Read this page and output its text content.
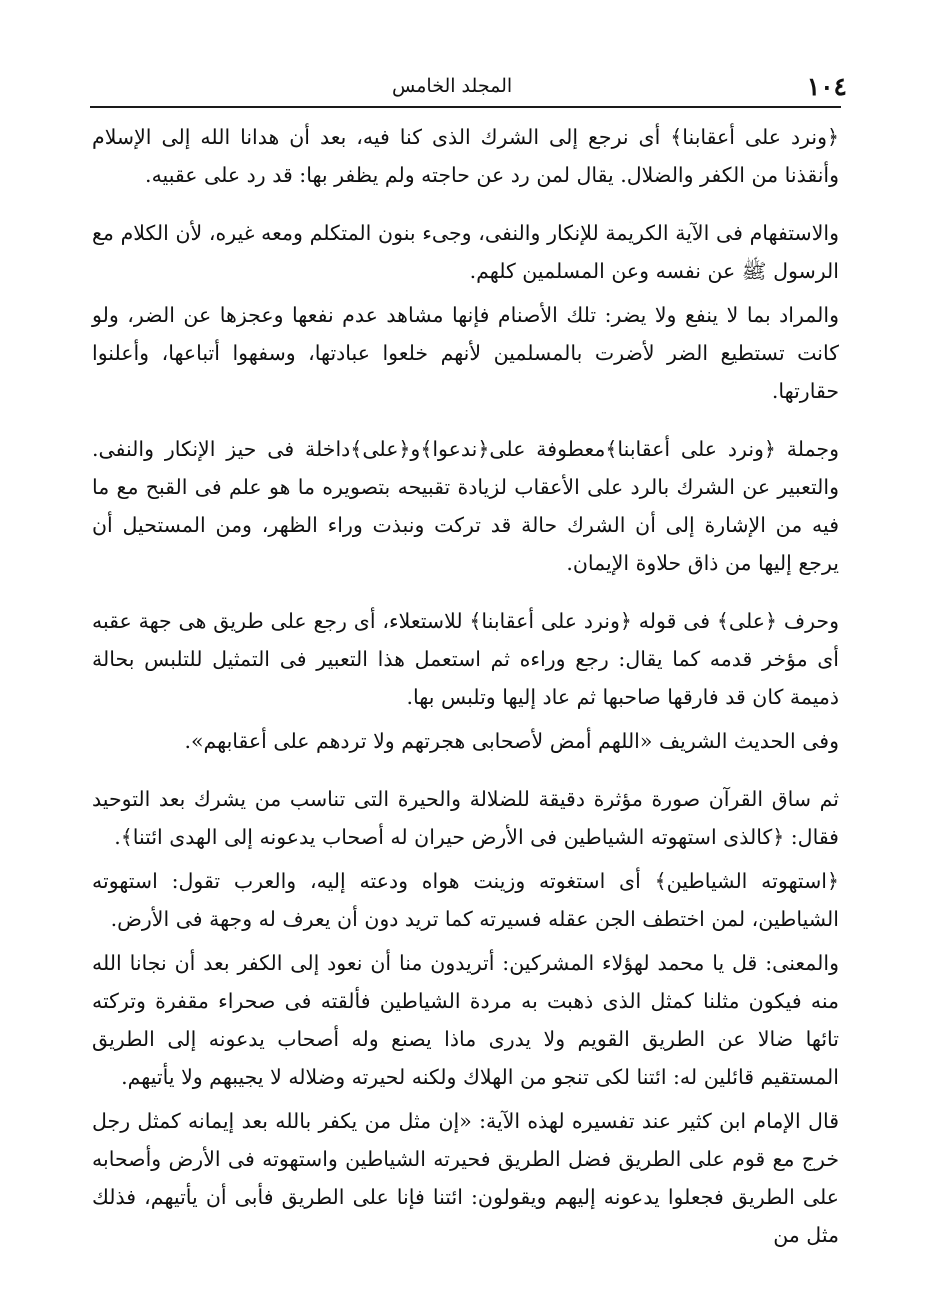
١٠٤
المجلد الخامس

﴿ونرد على أعقابنا﴾ أى نرجع إلى الشرك الذى كنا فيه، بعد أن هدانا الله إلى الإسلام وأنقذنا من الكفر والضلال. يقال لمن رد عن حاجته ولم يظفر بها: قد رد على عقبيه.

والاستفهام فى الآية الكريمة للإنكار والنفى، وجىء بنون المتكلم ومعه غيره، لأن الكلام مع الرسول ﷺ عن نفسه وعن المسلمين كلهم.

والمراد بما لا ينفع ولا يضر: تلك الأصنام فإنها مشاهد عدم نفعها وعجزها عن الضر، ولو كانت تستطيع الضر لأضرت بالمسلمين لأنهم خلعوا عبادتها، وسفهوا أتباعها، وأعلنوا حقارتها.

وجملة ﴿ونرد على أعقابنا﴾معطوفة على﴿ندعوا﴾و﴿على﴾داخلة فى حيز الإنكار والنفى. والتعبير عن الشرك بالرد على الأعقاب لزيادة تقبيحه بتصويره ما هو علم فى القبح مع ما فيه من الإشارة إلى أن الشرك حالة قد تركت ونبذت وراء الظهر، ومن المستحيل أن يرجع إليها من ذاق حلاوة الإيمان.

وحرف ﴿على﴾ فى قوله ﴿ونرد على أعقابنا﴾ للاستعلاء، أى رجع على طريق هى جهة عقبه أى مؤخر قدمه كما يقال: رجع وراءه ثم استعمل هذا التعبير فى التمثيل للتلبس بحالة ذميمة كان قد فارقها صاحبها ثم عاد إليها وتلبس بها.

وفى الحديث الشريف «اللهم أمض لأصحابى هجرتهم ولا تردهم على أعقابهم».

ثم ساق القرآن صورة مؤثرة دقيقة للضلالة والحيرة التى تناسب من يشرك بعد التوحيد فقال: ﴿كالذى استهوته الشياطين فى الأرض حيران له أصحاب يدعونه إلى الهدى ائتنا﴾.

﴿استهوته الشياطين﴾ أى استغوته وزينت هواه ودعته إليه، والعرب تقول: استهوته الشياطين، لمن اختطف الجن عقله فسيرته كما تريد دون أن يعرف له وجهة فى الأرض.

والمعنى: قل يا محمد لهؤلاء المشركين: أتريدون منا أن نعود إلى الكفر بعد أن نجانا الله منه فيكون مثلنا كمثل الذى ذهبت به مردة الشياطين فألقته فى صحراء مقفرة وتركته تائها ضالا عن الطريق القويم ولا يدرى ماذا يصنع وله أصحاب يدعونه إلى الطريق المستقيم قائلين له: ائتنا لكى تنجو من الهلاك ولكنه لحيرته وضلاله لا يجيبهم ولا يأتيهم.

قال الإمام ابن كثير عند تفسيره لهذه الآية: «إن مثل من يكفر بالله بعد إيمانه كمثل رجل خرج مع قوم على الطريق فضل الطريق فحيرته الشياطين واستهوته فى الأرض وأصحابه على الطريق فجعلوا يدعونه إليهم ويقولون: ائتنا فإنا على الطريق فأبى أن يأتيهم، فذلك مثل من
